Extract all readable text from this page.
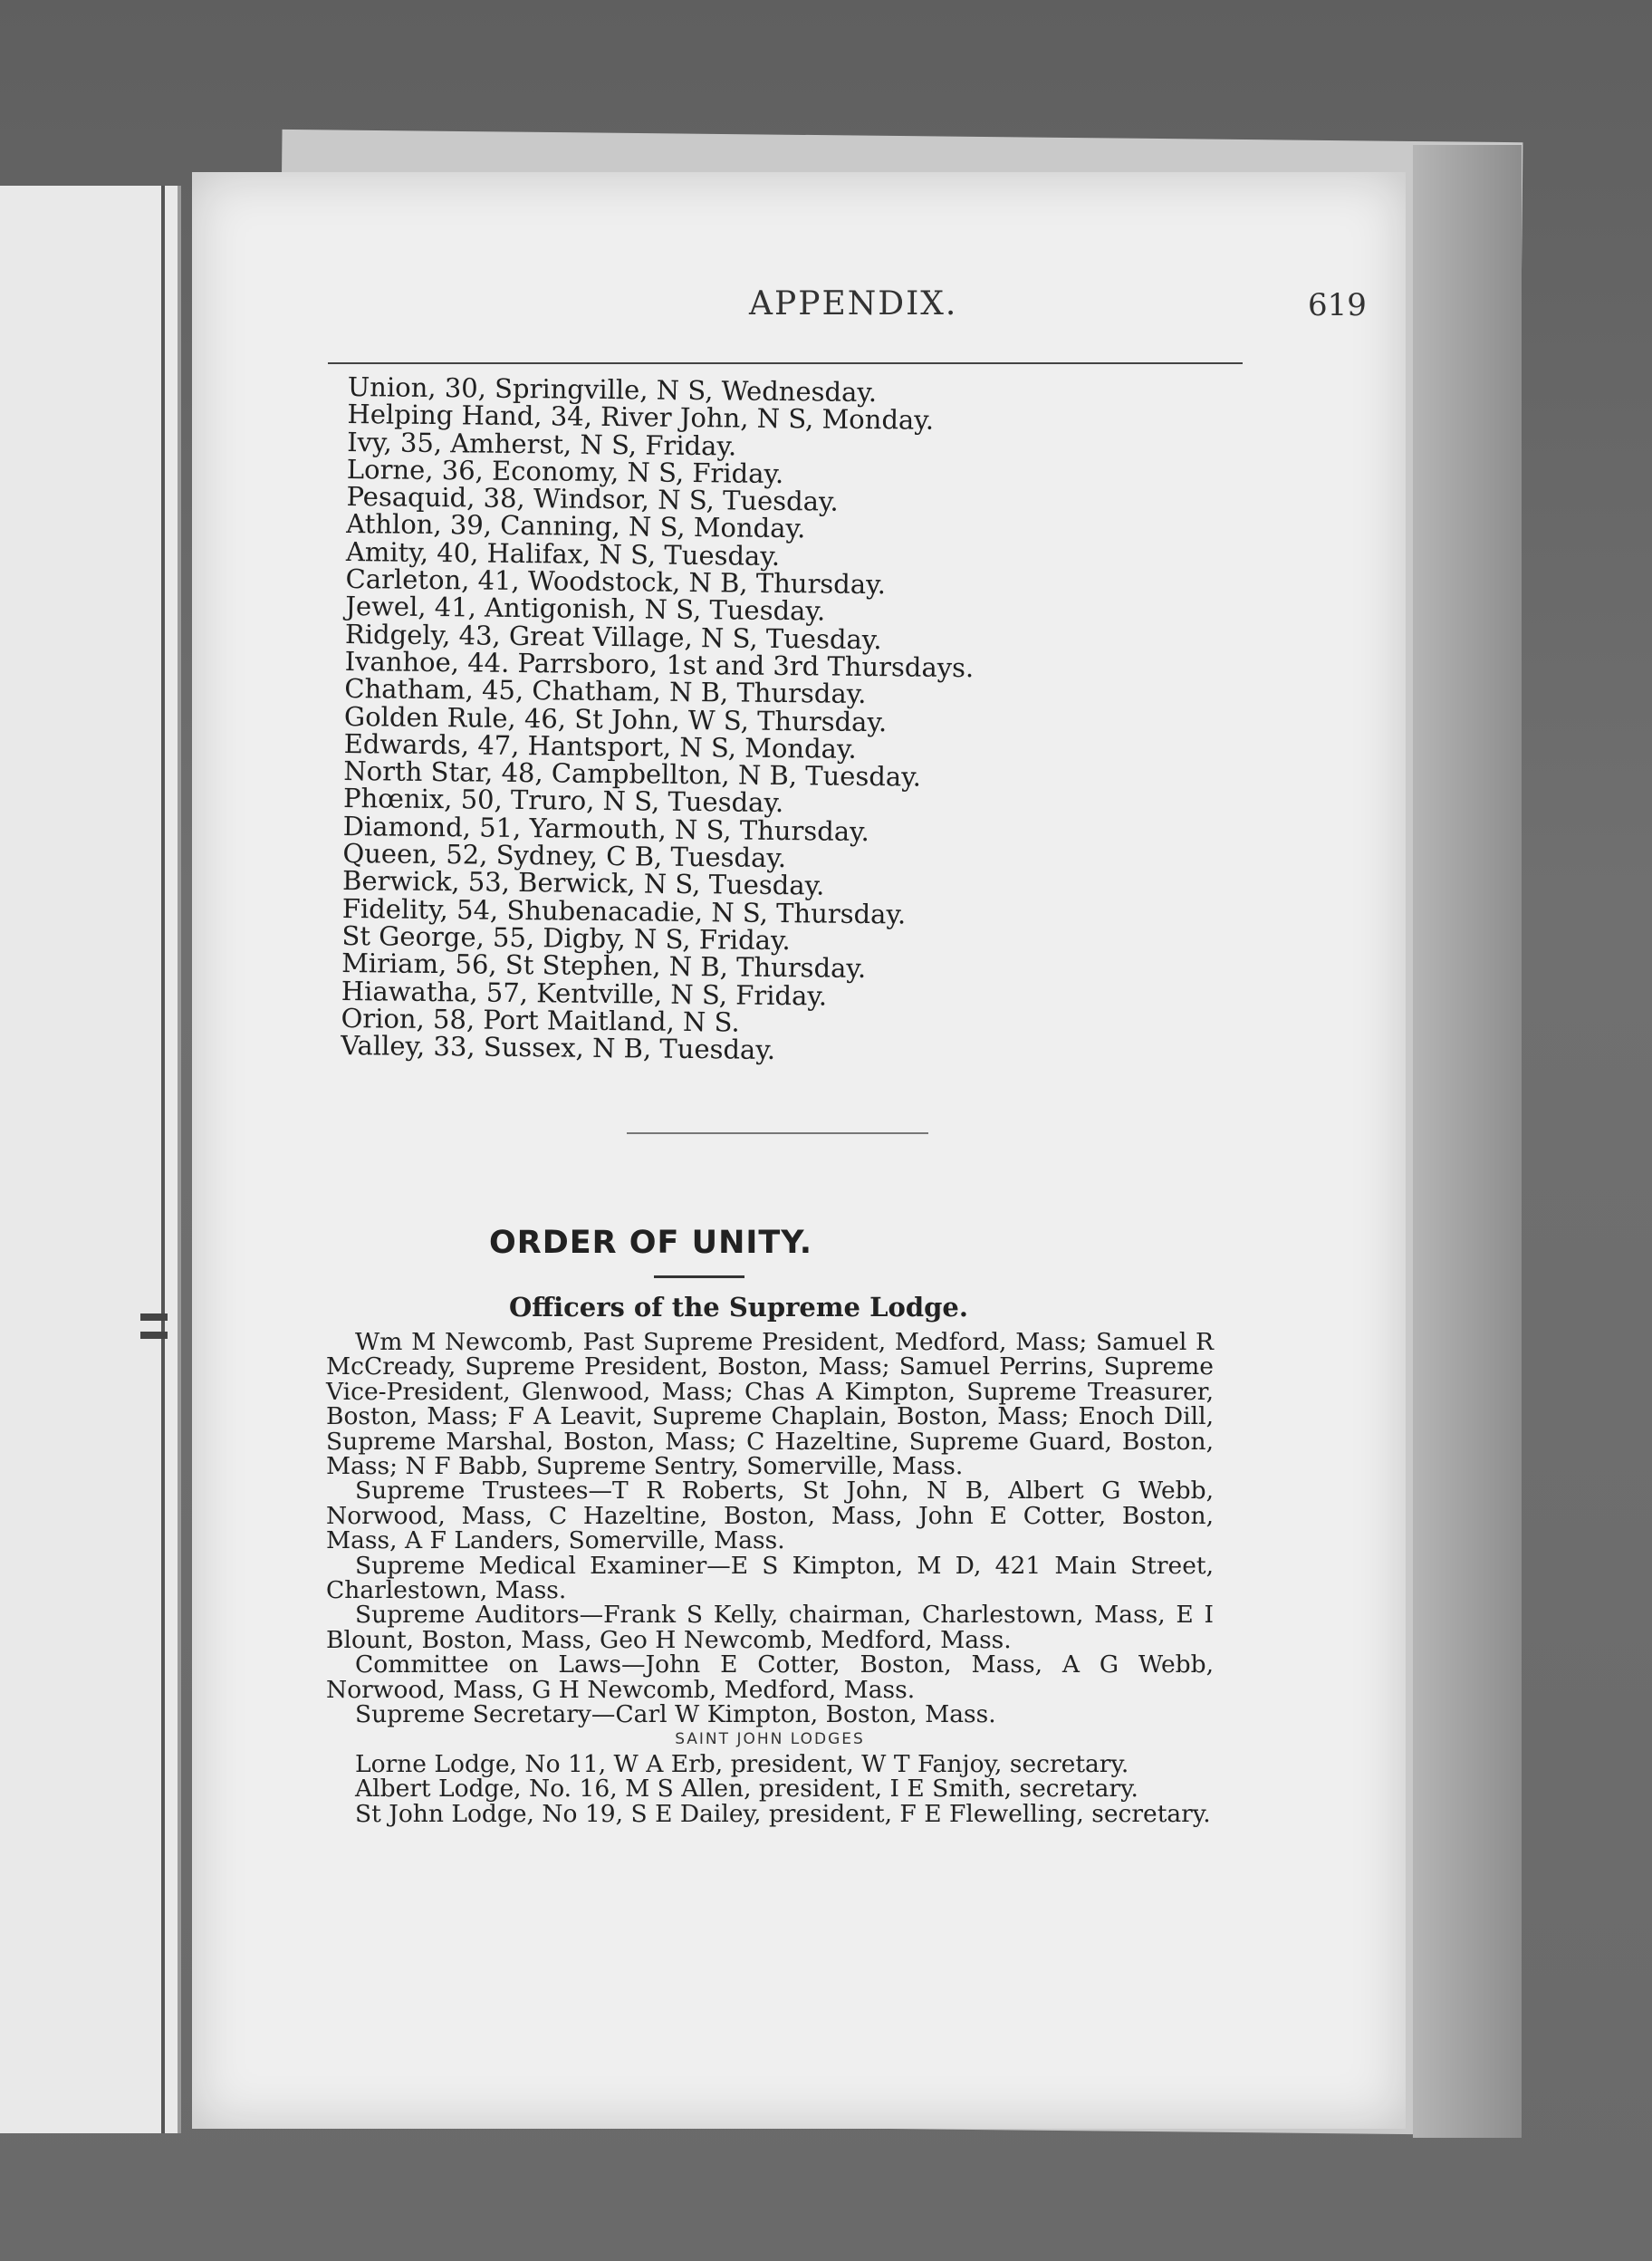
APPENDIX.	619
Union, 30, Springville, N S, Wednesday.
Helping Hand, 34, River John, N S, Monday.
Ivy, 35, Amherst, N S, Friday.
Lorne, 36, Economy, N S, Friday.
Pesaquid, 38, Windsor, N S, Tuesday.
Athlon, 39, Canning, N S, Monday.
Amity, 40, Halifax, N S, Tuesday.
Carleton, 41, Woodstock, N B, Thursday.
Jewel, 41, Antigonish, N S, Tuesday.
Ridgely, 43, Great Village, N S, Tuesday.
Ivanhoe, 44. Parrsboro, 1st and 3rd Thursdays.
Chatham, 45, Chatham, N B, Thursday.
Golden Rule, 46, St John, W S, Thursday.
Edwards, 47, Hantsport, N S, Monday.
North Star, 48, Campbellton, N B, Tuesday.
Phœnix, 50, Truro, N S, Tuesday.
Diamond, 51, Yarmouth, N S, Thursday.
Queen, 52, Sydney, C B, Tuesday.
Berwick, 53, Berwick, N S, Tuesday.
Fidelity, 54, Shubenacadie, N S, Thursday.
St George, 55, Digby, N S, Friday.
Miriam, 56, St Stephen, N B, Thursday.
Hiawatha, 57, Kentville, N S, Friday.
Orion, 58, Port Maitland, N S.
Valley, 33, Sussex, N B, Tuesday.
ORDER OF UNITY.
Officers of the Supreme Lodge.

Wm M Newcomb, Past Supreme President, Medford, Mass; Samuel R McCready, Supreme President, Boston, Mass; Samuel Perrins, Supreme Vice-President, Glenwood, Mass; Chas A Kimpton, Supreme Treasurer, Boston, Mass; F A Leavit, Supreme Chaplain, Boston, Mass; Enoch Dill, Supreme Marshal, Boston, Mass; C Hazeltine, Supreme Guard, Boston, Mass; N F Babb, Supreme Sentry, Somerville, Mass.

Supreme Trustees—T R Roberts, St John, N B, Albert G Webb, Norwood, Mass, C Hazeltine, Boston, Mass, John E Cotter, Boston, Mass, A F Landers, Somerville, Mass.

Supreme Medical Examiner—E S Kimpton, M D, 421 Main Street, Charlestown, Mass.

Supreme Auditors—Frank S Kelly, chairman, Charlestown, Mass, E I Blount, Boston, Mass, Geo H Newcomb, Medford, Mass.

Committee on Laws—John E Cotter, Boston, Mass, A G Webb, Norwood, Mass, G H Newcomb, Medford, Mass.

Supreme Secretary—Carl W Kimpton, Boston, Mass.

SAINT JOHN LODGES

Lorne Lodge, No 11, W A Erb, president, W T Fanjoy, secretary.

Albert Lodge, No. 16, M S Allen, president, I E Smith, secretary.

St John Lodge, No 19, S E Dailey, president, F E Flewelling, secretary.
